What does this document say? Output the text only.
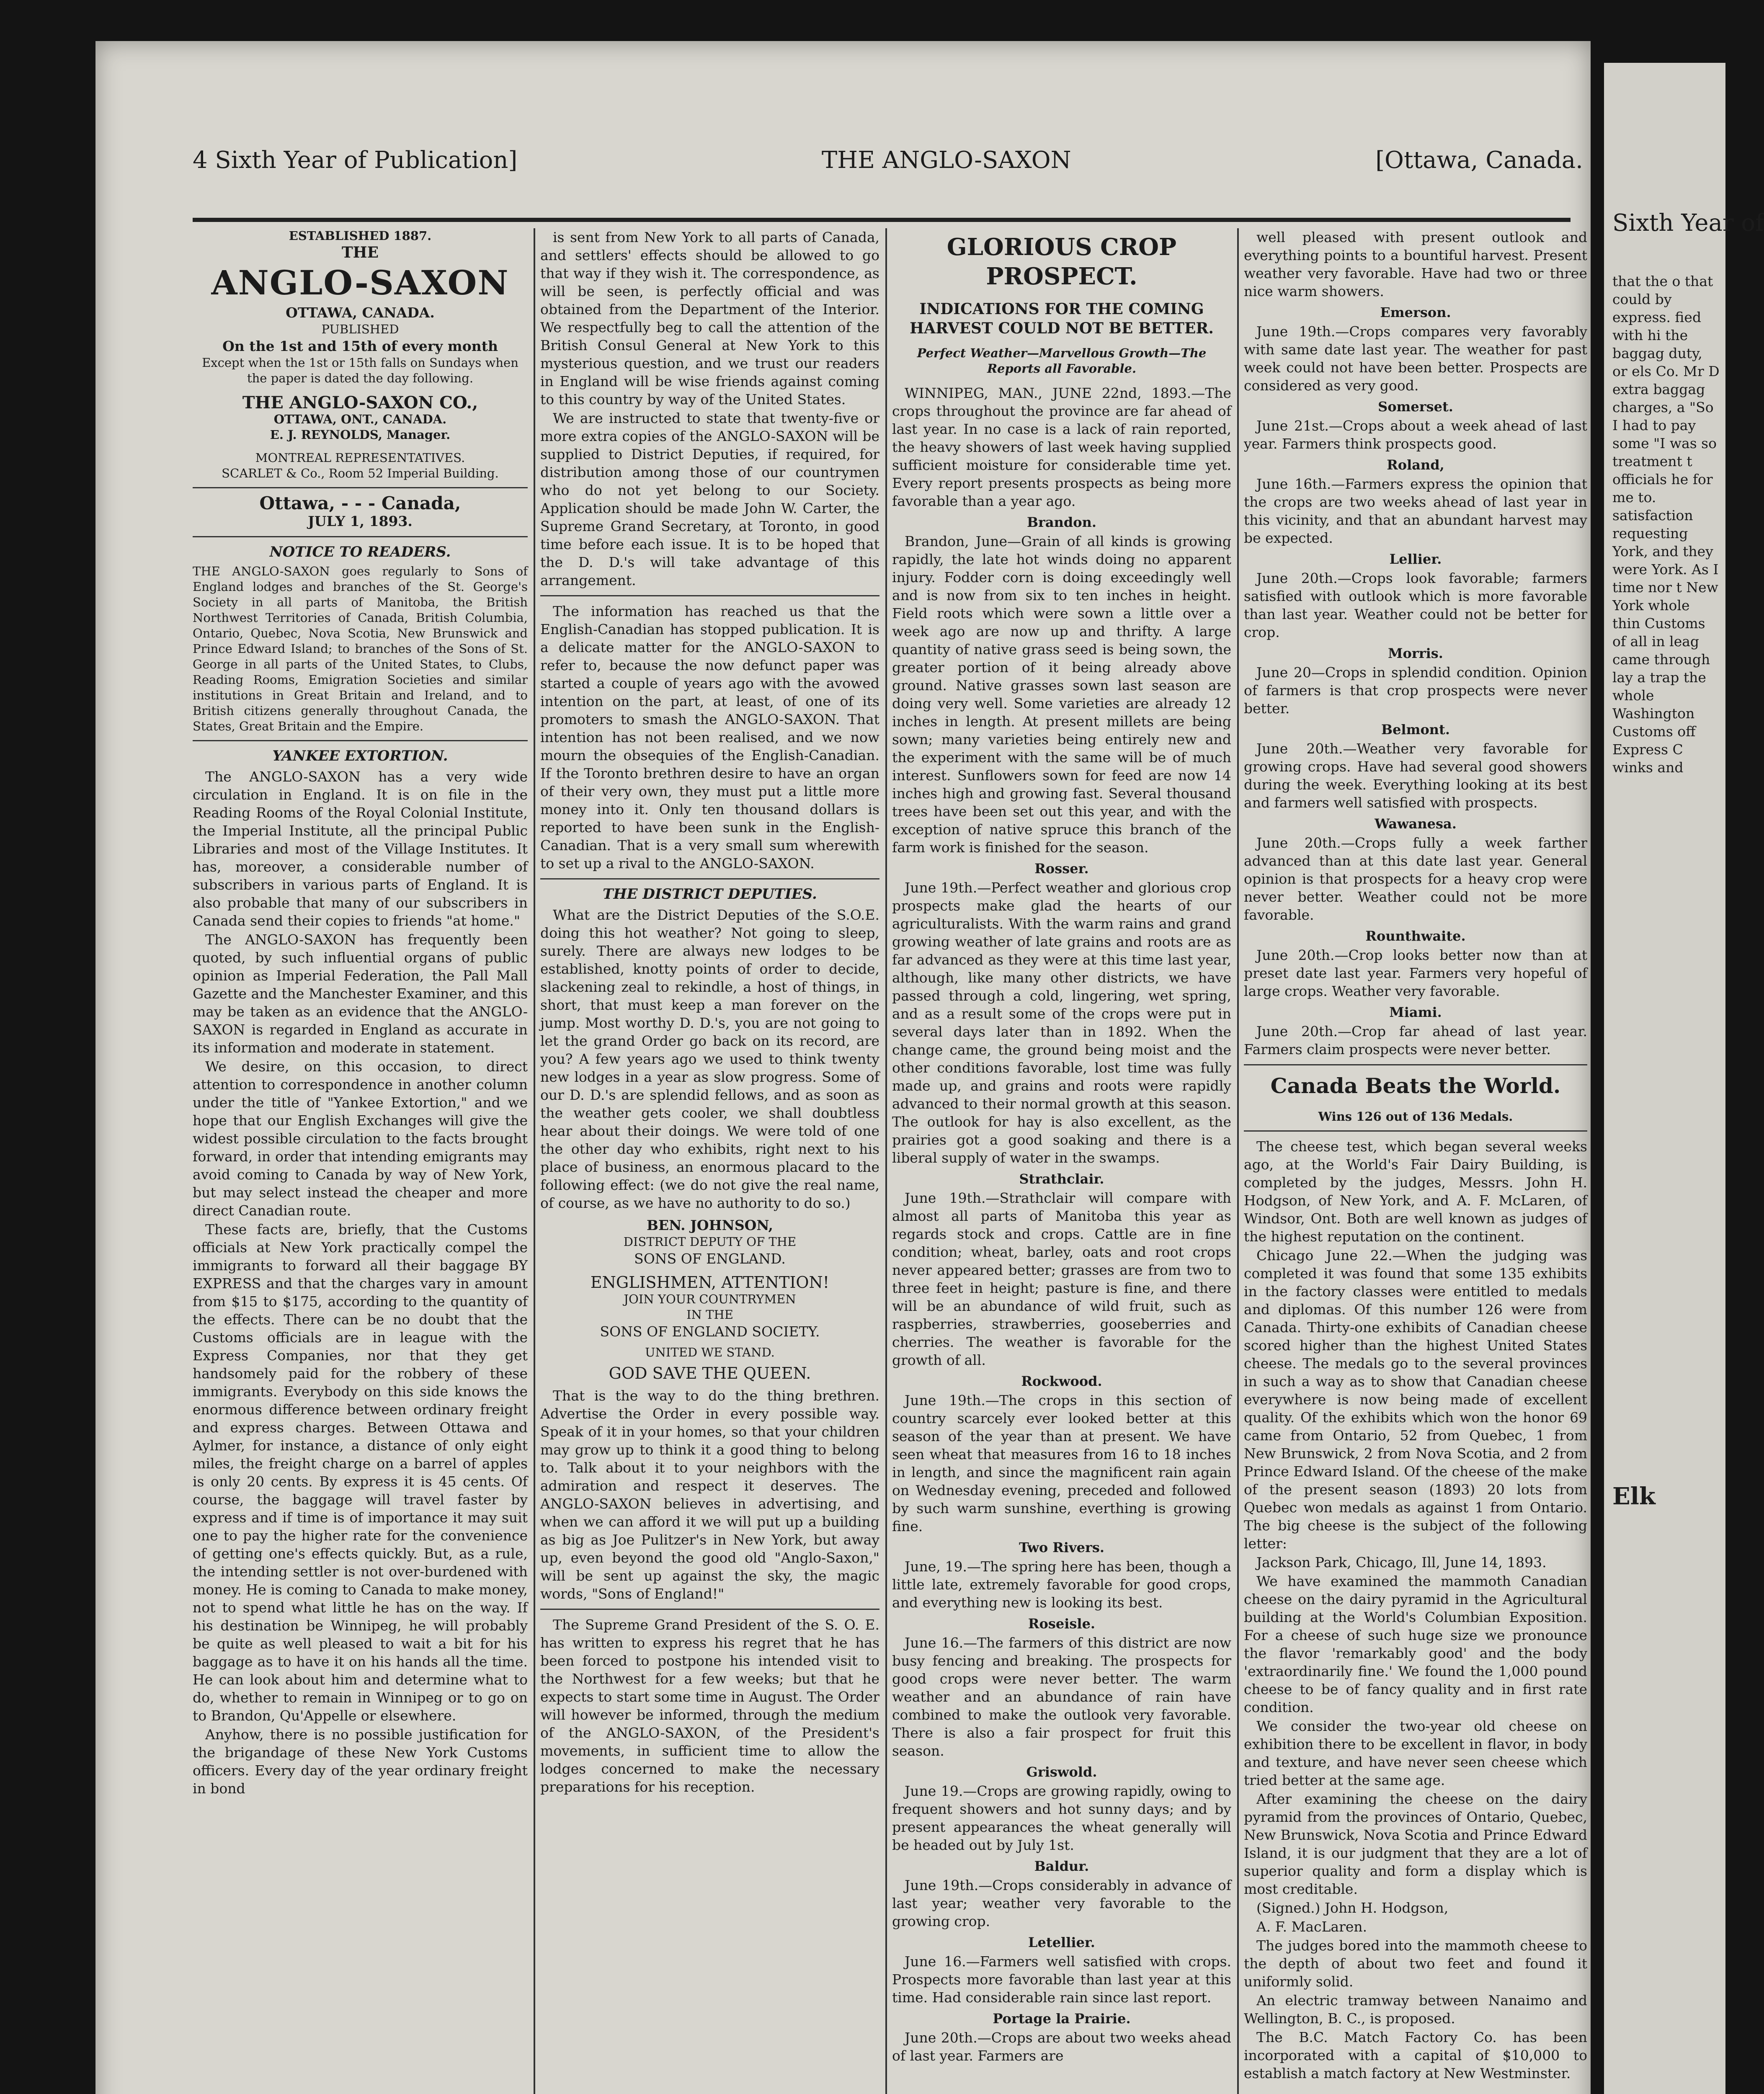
Sixth Year of
that the o that could by express. fied with hi the baggag duty, or els Co. Mr D extra baggag charges, a "So I had to pay some "I was so treatment t officials he for me to. satisfaction requesting York, and they were York. As I time nor t New York whole thin Customs of all in leag came through lay a trap the whole Washington Customs off Express C winks and
Elk
4 Sixth Year of Publication]	THE ANGLO-SAXON	[Ottawa, Canada.
ESTABLISHED 1887.
THE
ANGLO-SAXON
OTTAWA, CANADA.
PUBLISHED
On the 1st and 15th of every month
Except when the 1st or 15th falls on Sundays when the paper is dated the day following.
THE ANGLO-SAXON CO.,
OTTAWA, ONT., CANADA.
E. J. REYNOLDS, Manager.
MONTREAL REPRESENTATIVES.
SCARLET & Co., Room 52 Imperial Building.
Ottawa, - - - Canada,
JULY 1, 1893.
NOTICE TO READERS.
THE ANGLO-SAXON goes regularly to Sons of England lodges and branches of the St. George's Society in all parts of Manitoba, the British Northwest Territories of Canada, British Columbia, Ontario, Quebec, Nova Scotia, New Brunswick and Prince Edward Island; to branches of the Sons of St. George in all parts of the United States, to Clubs, Reading Rooms, Emigration Societies and similar institutions in Great Britain and Ireland, and to British citizens generally throughout Canada, the States, Great Britain and the Empire.
YANKEE EXTORTION.

The ANGLO-SAXON has a very wide circulation in England. It is on file in the Reading Rooms of the Royal Colonial Institute, the Imperial Institute, all the principal Public Libraries and most of the Village Institutes. It has, moreover, a considerable number of subscribers in various parts of England. It is also probable that many of our subscribers in Canada send their copies to friends "at home."

The ANGLO-SAXON has frequently been quoted, by such influential organs of public opinion as Imperial Federation, the Pall Mall Gazette and the Manchester Examiner, and this may be taken as an evidence that the ANGLO-SAXON is regarded in England as accurate in its information and moderate in statement.

We desire, on this occasion, to direct attention to correspondence in another column under the title of "Yankee Extortion," and we hope that our English Exchanges will give the widest possible circulation to the facts brought forward, in order that intending emigrants may avoid coming to Canada by way of New York, but may select instead the cheaper and more direct Canadian route.

These facts are, briefly, that the Customs officials at New York practically compel the immigrants to forward all their baggage BY EXPRESS and that the charges vary in amount from $15 to $175, according to the quantity of the effects. There can be no doubt that the Customs officials are in league with the Express Companies, nor that they get handsomely paid for the robbery of these immigrants. Everybody on this side knows the enormous difference between ordinary freight and express charges. Between Ottawa and Aylmer, for instance, a distance of only eight miles, the freight charge on a barrel of apples is only 20 cents. By express it is 45 cents. Of course, the baggage will travel faster by express and if time is of importance it may suit one to pay the higher rate for the convenience of getting one's effects quickly. But, as a rule, the intending settler is not over-burdened with money. He is coming to Canada to make money, not to spend what little he has on the way. If his destination be Winnipeg, he will probably be quite as well pleased to wait a bit for his baggage as to have it on his hands all the time. He can look about him and determine what to do, whether to remain in Winnipeg or to go on to Brandon, Qu'Appelle or elsewhere.

Anyhow, there is no possible justification for the brigandage of these New York Customs officers. Every day of the year ordinary freight in bond

is sent from New York to all parts of Canada, and settlers' effects should be allowed to go that way if they wish it. The correspondence, as will be seen, is perfectly official and was obtained from the Department of the Interior. We respectfully beg to call the attention of the British Consul General at New York to this mysterious question, and we trust our readers in England will be wise friends against coming to this country by way of the United States.

We are instructed to state that twenty-five or more extra copies of the ANGLO-SAXON will be supplied to District Deputies, if required, for distribution among those of our countrymen who do not yet belong to our Society. Application should be made John W. Carter, the Supreme Grand Secretary, at Toronto, in good time before each issue. It is to be hoped that the D. D.'s will take advantage of this arrangement.

The information has reached us that the English-Canadian has stopped publication. It is a delicate matter for the ANGLO-SAXON to refer to, because the now defunct paper was started a couple of years ago with the avowed intention on the part, at least, of one of its promoters to smash the ANGLO-SAXON. That intention has not been realised, and we now mourn the obsequies of the English-Canadian. If the Toronto brethren desire to have an organ of their very own, they must put a little more money into it. Only ten thousand dollars is reported to have been sunk in the English-Canadian. That is a very small sum wherewith to set up a rival to the ANGLO-SAXON.

THE DISTRICT DEPUTIES.

What are the District Deputies of the S.O.E. doing this hot weather? Not going to sleep, surely. There are always new lodges to be established, knotty points of order to decide, slackening zeal to rekindle, a host of things, in short, that must keep a man forever on the jump. Most worthy D. D.'s, you are not going to let the grand Order go back on its record, are you? A few years ago we used to think twenty new lodges in a year as slow progress. Some of our D. D.'s are splendid fellows, and as soon as the weather gets cooler, we shall doubtless hear about their doings. We were told of one the other day who exhibits, right next to his place of business, an enormous placard to the following effect: (we do not give the real name, of course, as we have no authority to do so.)

BEN. JOHNSON,
DISTRICT DEPUTY OF THE
SONS OF ENGLAND.
ENGLISHMEN, ATTENTION!
JOIN YOUR COUNTRYMEN
IN THE
SONS OF ENGLAND SOCIETY.
UNITED WE STAND.
GOD SAVE THE QUEEN.

That is the way to do the thing brethren. Advertise the Order in every possible way. Speak of it in your homes, so that your children may grow up to think it a good thing to belong to. Talk about it to your neighbors with the admiration and respect it deserves. The ANGLO-SAXON believes in advertising, and when we can afford it we will put up a building as big as Joe Pulitzer's in New York, but away up, even beyond the good old "Anglo-Saxon," will be sent up against the sky, the magic words, "Sons of England!"

The Supreme Grand President of the S. O. E. has written to express his regret that he has been forced to postpone his intended visit to the Northwest for a few weeks; but that he expects to start some time in August. The Order will however be informed, through the medium of the ANGLO-SAXON, of the President's movements, in sufficient time to allow the lodges concerned to make the necessary preparations for his reception.

GLORIOUS CROP PROSPECT.
INDICATIONS FOR THE COMING HARVEST COULD NOT BE BETTER.
Perfect Weather—Marvellous Growth—The Reports all Favorable.

WINNIPEG, MAN., JUNE 22nd, 1893.—The crops throughout the province are far ahead of last year. In no case is a lack of rain reported, the heavy showers of last week having supplied sufficient moisture for considerable time yet. Every report presents prospects as being more favorable than a year ago.

Brandon.

Brandon, June—Grain of all kinds is growing rapidly, the late hot winds doing no apparent injury. Fodder corn is doing exceedingly well and is now from six to ten inches in height. Field roots which were sown a little over a week ago are now up and thrifty. A large quantity of native grass seed is being sown, the greater portion of it being already above ground. Native grasses sown last season are doing very well. Some varieties are already 12 inches in length. At present millets are being sown; many varieties being entirely new and the experiment with the same will be of much interest. Sunflowers sown for feed are now 14 inches high and growing fast. Several thousand trees have been set out this year, and with the exception of native spruce this branch of the farm work is finished for the season.

Rosser.

June 19th.—Perfect weather and glorious crop prospects make glad the hearts of our agriculturalists. With the warm rains and grand growing weather of late grains and roots are as far advanced as they were at this time last year, although, like many other districts, we have passed through a cold, lingering, wet spring, and as a result some of the crops were put in several days later than in 1892. When the change came, the ground being moist and the other conditions favorable, lost time was fully made up, and grains and roots were rapidly advanced to their normal growth at this season. The outlook for hay is also excellent, as the prairies got a good soaking and there is a liberal supply of water in the swamps.

Strathclair.

June 19th.—Strathclair will compare with almost all parts of Manitoba this year as regards stock and crops. Cattle are in fine condition; wheat, barley, oats and root crops never appeared better; grasses are from two to three feet in height; pasture is fine, and there will be an abundance of wild fruit, such as raspberries, strawberries, gooseberries and cherries. The weather is favorable for the growth of all.

Rockwood.

June 19th.—The crops in this section of country scarcely ever looked better at this season of the year than at present. We have seen wheat that measures from 16 to 18 inches in length, and since the magnificent rain again on Wednesday evening, preceded and followed by such warm sunshine, everthing is growing fine.

Two Rivers.

June, 19.—The spring here has been, though a little late, extremely favorable for good crops, and everything new is looking its best.

Roseisle.

June 16.—The farmers of this district are now busy fencing and breaking. The prospects for good crops were never better. The warm weather and an abundance of rain have combined to make the outlook very favorable. There is also a fair prospect for fruit this season.

Griswold.

June 19.—Crops are growing rapidly, owing to frequent showers and hot sunny days; and by present appearances the wheat generally will be headed out by July 1st.

Baldur.

June 19th.—Crops considerably in advance of last year; weather very favorable to the growing crop.

Letellier.

June 16.—Farmers well satisfied with crops. Prospects more favorable than last year at this time. Had considerable rain since last report.

Portage la Prairie.

June 20th.—Crops are about two weeks ahead of last year. Farmers are

well pleased with present outlook and everything points to a bountiful harvest. Present weather very favorable. Have had two or three nice warm showers.

Emerson.

June 19th.—Crops compares very favorably with same date last year. The weather for past week could not have been better. Prospects are considered as very good.

Somerset.

June 21st.—Crops about a week ahead of last year. Farmers think prospects good.

Roland,

June 16th.—Farmers express the opinion that the crops are two weeks ahead of last year in this vicinity, and that an abundant harvest may be expected.

Lellier.

June 20th.—Crops look favorable; farmers satisfied with outlook which is more favorable than last year. Weather could not be better for crop.

Morris.

June 20—Crops in splendid condition. Opinion of farmers is that crop prospects were never better.

Belmont.

June 20th.—Weather very favorable for growing crops. Have had several good showers during the week. Everything looking at its best and farmers well satisfied with prospects.

Wawanesa.

June 20th.—Crops fully a week farther advanced than at this date last year. General opinion is that prospects for a heavy crop were never better. Weather could not be more favorable.

Rounthwaite.

June 20th.—Crop looks better now than at preset date last year. Farmers very hopeful of large crops. Weather very favorable.

Miami.

June 20th.—Crop far ahead of last year. Farmers claim prospects were never better.

Canada Beats the World.
Wins 126 out of 136 Medals.

The cheese test, which began several weeks ago, at the World's Fair Dairy Building, is completed by the judges, Messrs. John H. Hodgson, of New York, and A. F. McLaren, of Windsor, Ont. Both are well known as judges of the highest reputation on the continent.

Chicago June 22.—When the judging was completed it was found that some 135 exhibits in the factory classes were entitled to medals and diplomas. Of this number 126 were from Canada. Thirty-one exhibits of Canadian cheese scored higher than the highest United States cheese. The medals go to the several provinces in such a way as to show that Canadian cheese everywhere is now being made of excellent quality. Of the exhibits which won the honor 69 came from Ontario, 52 from Quebec, 1 from New Brunswick, 2 from Nova Scotia, and 2 from Prince Edward Island. Of the cheese of the make of the present season (1893) 20 lots from Quebec won medals as against 1 from Ontario. The big cheese is the subject of the following letter:

Jackson Park, Chicago, Ill, June 14, 1893.

We have examined the mammoth Canadian cheese on the dairy pyramid in the Agricultural building at the World's Columbian Exposition. For a cheese of such huge size we pronounce the flavor 'remarkably good' and the body 'extraordinarily fine.' We found the 1,000 pound cheese to be of fancy quality and in first rate condition.

We consider the two-year old cheese on exhibition there to be excellent in flavor, in body and texture, and have never seen cheese which tried better at the same age.

After examining the cheese on the dairy pyramid from the provinces of Ontario, Quebec, New Brunswick, Nova Scotia and Prince Edward Island, it is our judgment that they are a lot of superior quality and form a display which is most creditable.

(Signed.) John H. Hodgson,

A. F. MacLaren.

The judges bored into the mammoth cheese to the depth of about two feet and found it uniformly solid.

An electric tramway between Nanaimo and Wellington, B. C., is proposed.

The B.C. Match Factory Co. has been incorporated with a capital of $10,000 to establish a match factory at New Westminster.
